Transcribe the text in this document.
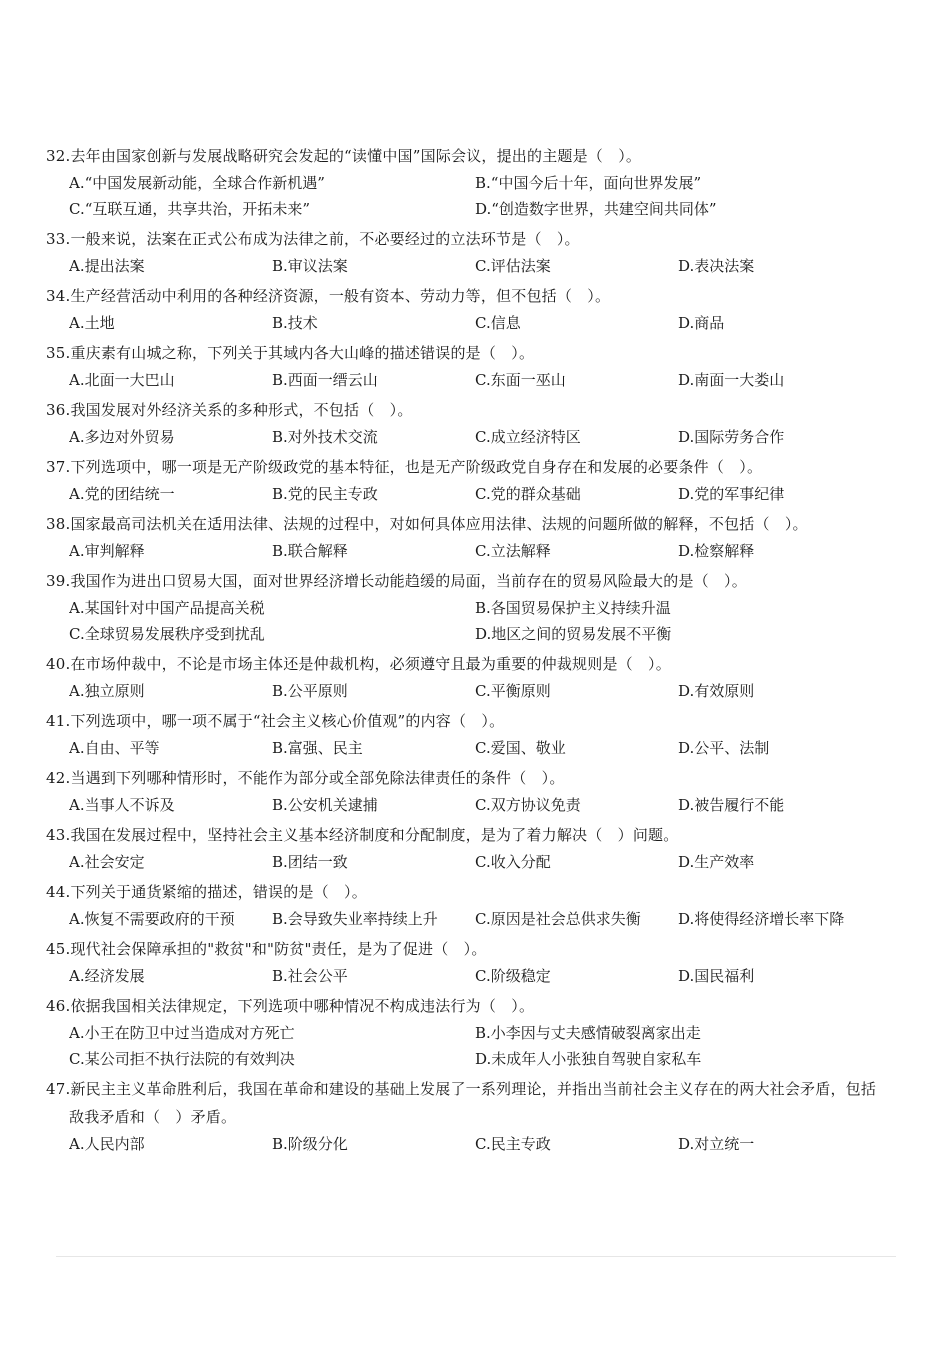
32.去年由国家创新与发展战略研究会发起的“读懂中国”国际会议，提出的主题是（　）。
A.“中国发展新动能，全球合作新机遇”	B.“中国今后十年，面向世界发展”
C.“互联互通，共享共治，开拓未来”	D.“创造数字世界，共建空间共同体”
33.一般来说，法案在正式公布成为法律之前，不必要经过的立法环节是（　）。
A.提出法案	B.审议法案	C.评估法案	D.表决法案
34.生产经营活动中利用的各种经济资源，一般有资本、劳动力等，但不包括（　）。
A.土地	B.技术	C.信息	D.商品
35.重庆素有山城之称，下列关于其域内各大山峰的描述错误的是（　）。
A.北面一大巴山	B.西面一缙云山	C.东面一巫山	D.南面一大娄山
36.我国发展对外经济关系的多种形式，不包括（　）。
A.多边对外贸易	B.对外技术交流	C.成立经济特区	D.国际劳务合作
37.下列选项中，哪一项是无产阶级政党的基本特征，也是无产阶级政党自身存在和发展的必要条件（　）。
A.党的团结统一	B.党的民主专政	C.党的群众基础	D.党的军事纪律
38.国家最高司法机关在适用法律、法规的过程中，对如何具体应用法律、法规的问题所做的解释，不包括（　）。
A.审判解释	B.联合解释	C.立法解释	D.检察解释
39.我国作为进出口贸易大国，面对世界经济增长动能趋缓的局面，当前存在的贸易风险最大的是（　）。
A.某国针对中国产品提高关税	B.各国贸易保护主义持续升温
C.全球贸易发展秩序受到扰乱	D.地区之间的贸易发展不平衡
40.在市场仲裁中，不论是市场主体还是仲裁机构，必须遵守且最为重要的仲裁规则是（　）。
A.独立原则	B.公平原则	C.平衡原则	D.有效原则
41.下列选项中，哪一项不属于“社会主义核心价值观”的内容（　）。
A.自由、平等	B.富强、民主	C.爱国、敬业	D.公平、法制
42.当遇到下列哪种情形时，不能作为部分或全部免除法律责任的条件（　）。
A.当事人不诉及	B.公安机关逮捕	C.双方协议免责	D.被告履行不能
43.我国在发展过程中，坚持社会主义基本经济制度和分配制度，是为了着力解决（　）问题。
A.社会安定	B.团结一致	C.收入分配	D.生产效率
44.下列关于通货紧缩的描述，错误的是（　）。
A.恢复不需要政府的干预	B.会导致失业率持续上升	C.原因是社会总供求失衡	D.将使得经济增长率下降
45.现代社会保障承担的"救贫"和"防贫"责任，是为了促进（　）。
A.经济发展	B.社会公平	C.阶级稳定	D.国民福利
46.依据我国相关法律规定，下列选项中哪种情况不构成违法行为（　）。
A.小王在防卫中过当造成对方死亡	B.小李因与丈夫感情破裂离家出走
C.某公司拒不执行法院的有效判决	D.未成年人小张独自驾驶自家私车
47.新民主主义革命胜利后，我国在革命和建设的基础上发展了一系列理论，并指出当前社会主义存在的两大社会矛盾，包括敌我矛盾和（　）矛盾。
A.人民内部	B.阶级分化	C.民主专政	D.对立统一
